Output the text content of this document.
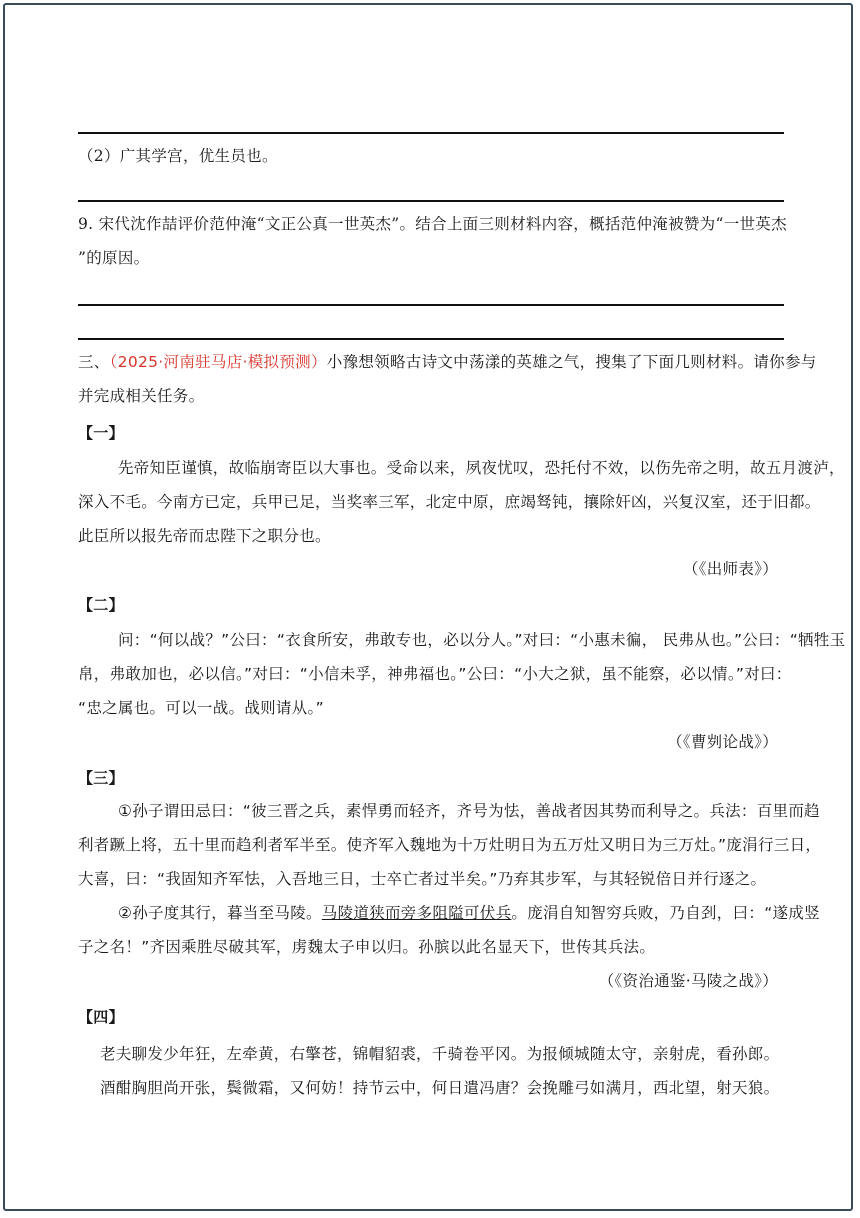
（2）广其学宫，优生员也。
9. 宋代沈作喆评价范仲淹“文正公真一世英杰”。结合上面三则材料内容，概括范仲淹被赞为“一世英杰
”的原因。
三、（2025·河南驻马店·模拟预测）小豫想领略古诗文中荡漾的英雄之气，搜集了下面几则材料。请你参与
并完成相关任务。
【一】
先帝知臣谨慎，故临崩寄臣以大事也。受命以来，夙夜忧叹，恐托付不效，以伤先帝之明，故五月渡泸，
深入不毛。今南方已定，兵甲已足，当奖率三军，北定中原，庶竭驽钝，攘除奸凶，兴复汉室，还于旧都。
此臣所以报先帝而忠陛下之职分也。
（《出师表》）
【二】
问：“何以战？”公曰：“衣食所安，弗敢专也，必以分人。”对曰：“小惠未徧， 民弗从也。”公曰：“牺牲玉
帛，弗敢加也，必以信。”对曰：“小信未孚，神弗福也。”公曰：“小大之狱，虽不能察，必以情。”对曰：
“忠之属也。可以一战。战则请从。”
（《曹刿论战》）
【三】
①孙子谓田忌曰：“彼三晋之兵，素悍勇而轻齐，齐号为怯，善战者因其势而利导之。兵法：百里而趋
利者蹶上将，五十里而趋利者军半至。使齐军入魏地为十万灶明日为五万灶又明日为三万灶。”庞涓行三日，
大喜，曰：“我固知齐军怯，入吾地三日，士卒亡者过半矣。”乃弃其步军，与其轻锐倍日并行逐之。
②孙子度其行，暮当至马陵。马陵道狭而旁多阻隘可伏兵。庞涓自知智穷兵败，乃自刭，曰：“遂成竖
子之名！”齐因乘胜尽破其军，虏魏太子申以归。孙膑以此名显天下，世传其兵法。
（《资治通鉴·马陵之战》）
【四】
老夫聊发少年狂，左牵黄，右擎苍，锦帽貂裘，千骑卷平冈。为报倾城随太守，亲射虎，看孙郎。
酒酣胸胆尚开张，鬓微霜，又何妨！持节云中，何日遣冯唐？会挽雕弓如满月，西北望，射天狼。
